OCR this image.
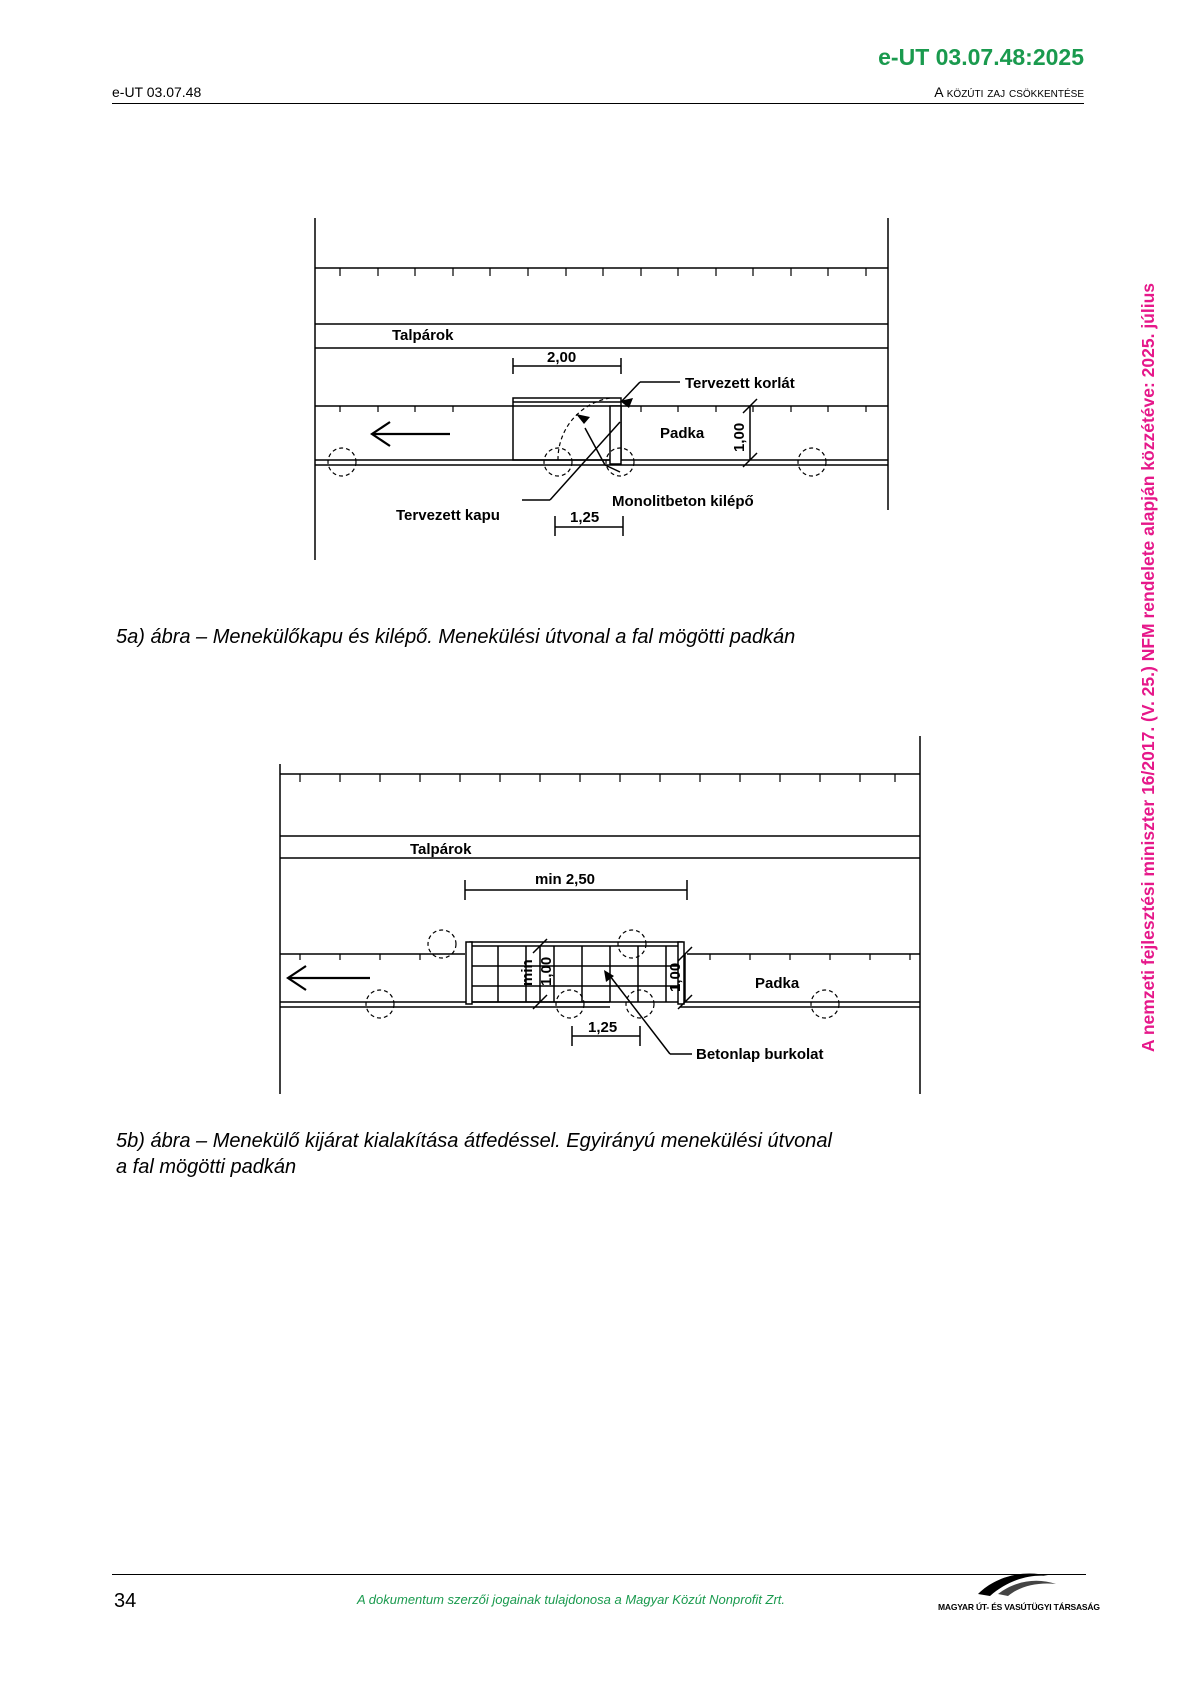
e-UT 03.07.48:2025
e-UT 03.07.48	A közúti zaj csökkentése
A nemzeti fejlesztési miniszter 16/2017. (V. 25.) NFM rendelete alapján közzétéve: 2025. július
Talpárok
2,00
Tervezett korlát
Padka 1,00
Tervezett kapu
Monolitbeton kilépő
1,25
5a) ábra – Menekülőkapu és kilépő. Menekülési útvonal a fal mögötti padkán
Talpárok
min 2,50
min 1,00	1,00	Padka
1,25
Betonlap burkolat
5b) ábra – Menekülő kijárat kialakítása átfedéssel. Egyirányú menekülési útvonal
a fal mögötti padkán
34	A dokumentum szerzői jogainak tulajdonosa a Magyar Közút Nonprofit Zrt.	MAGYAR ÚT- ÉS VASÚTÜGYI TÁRSASÁG
